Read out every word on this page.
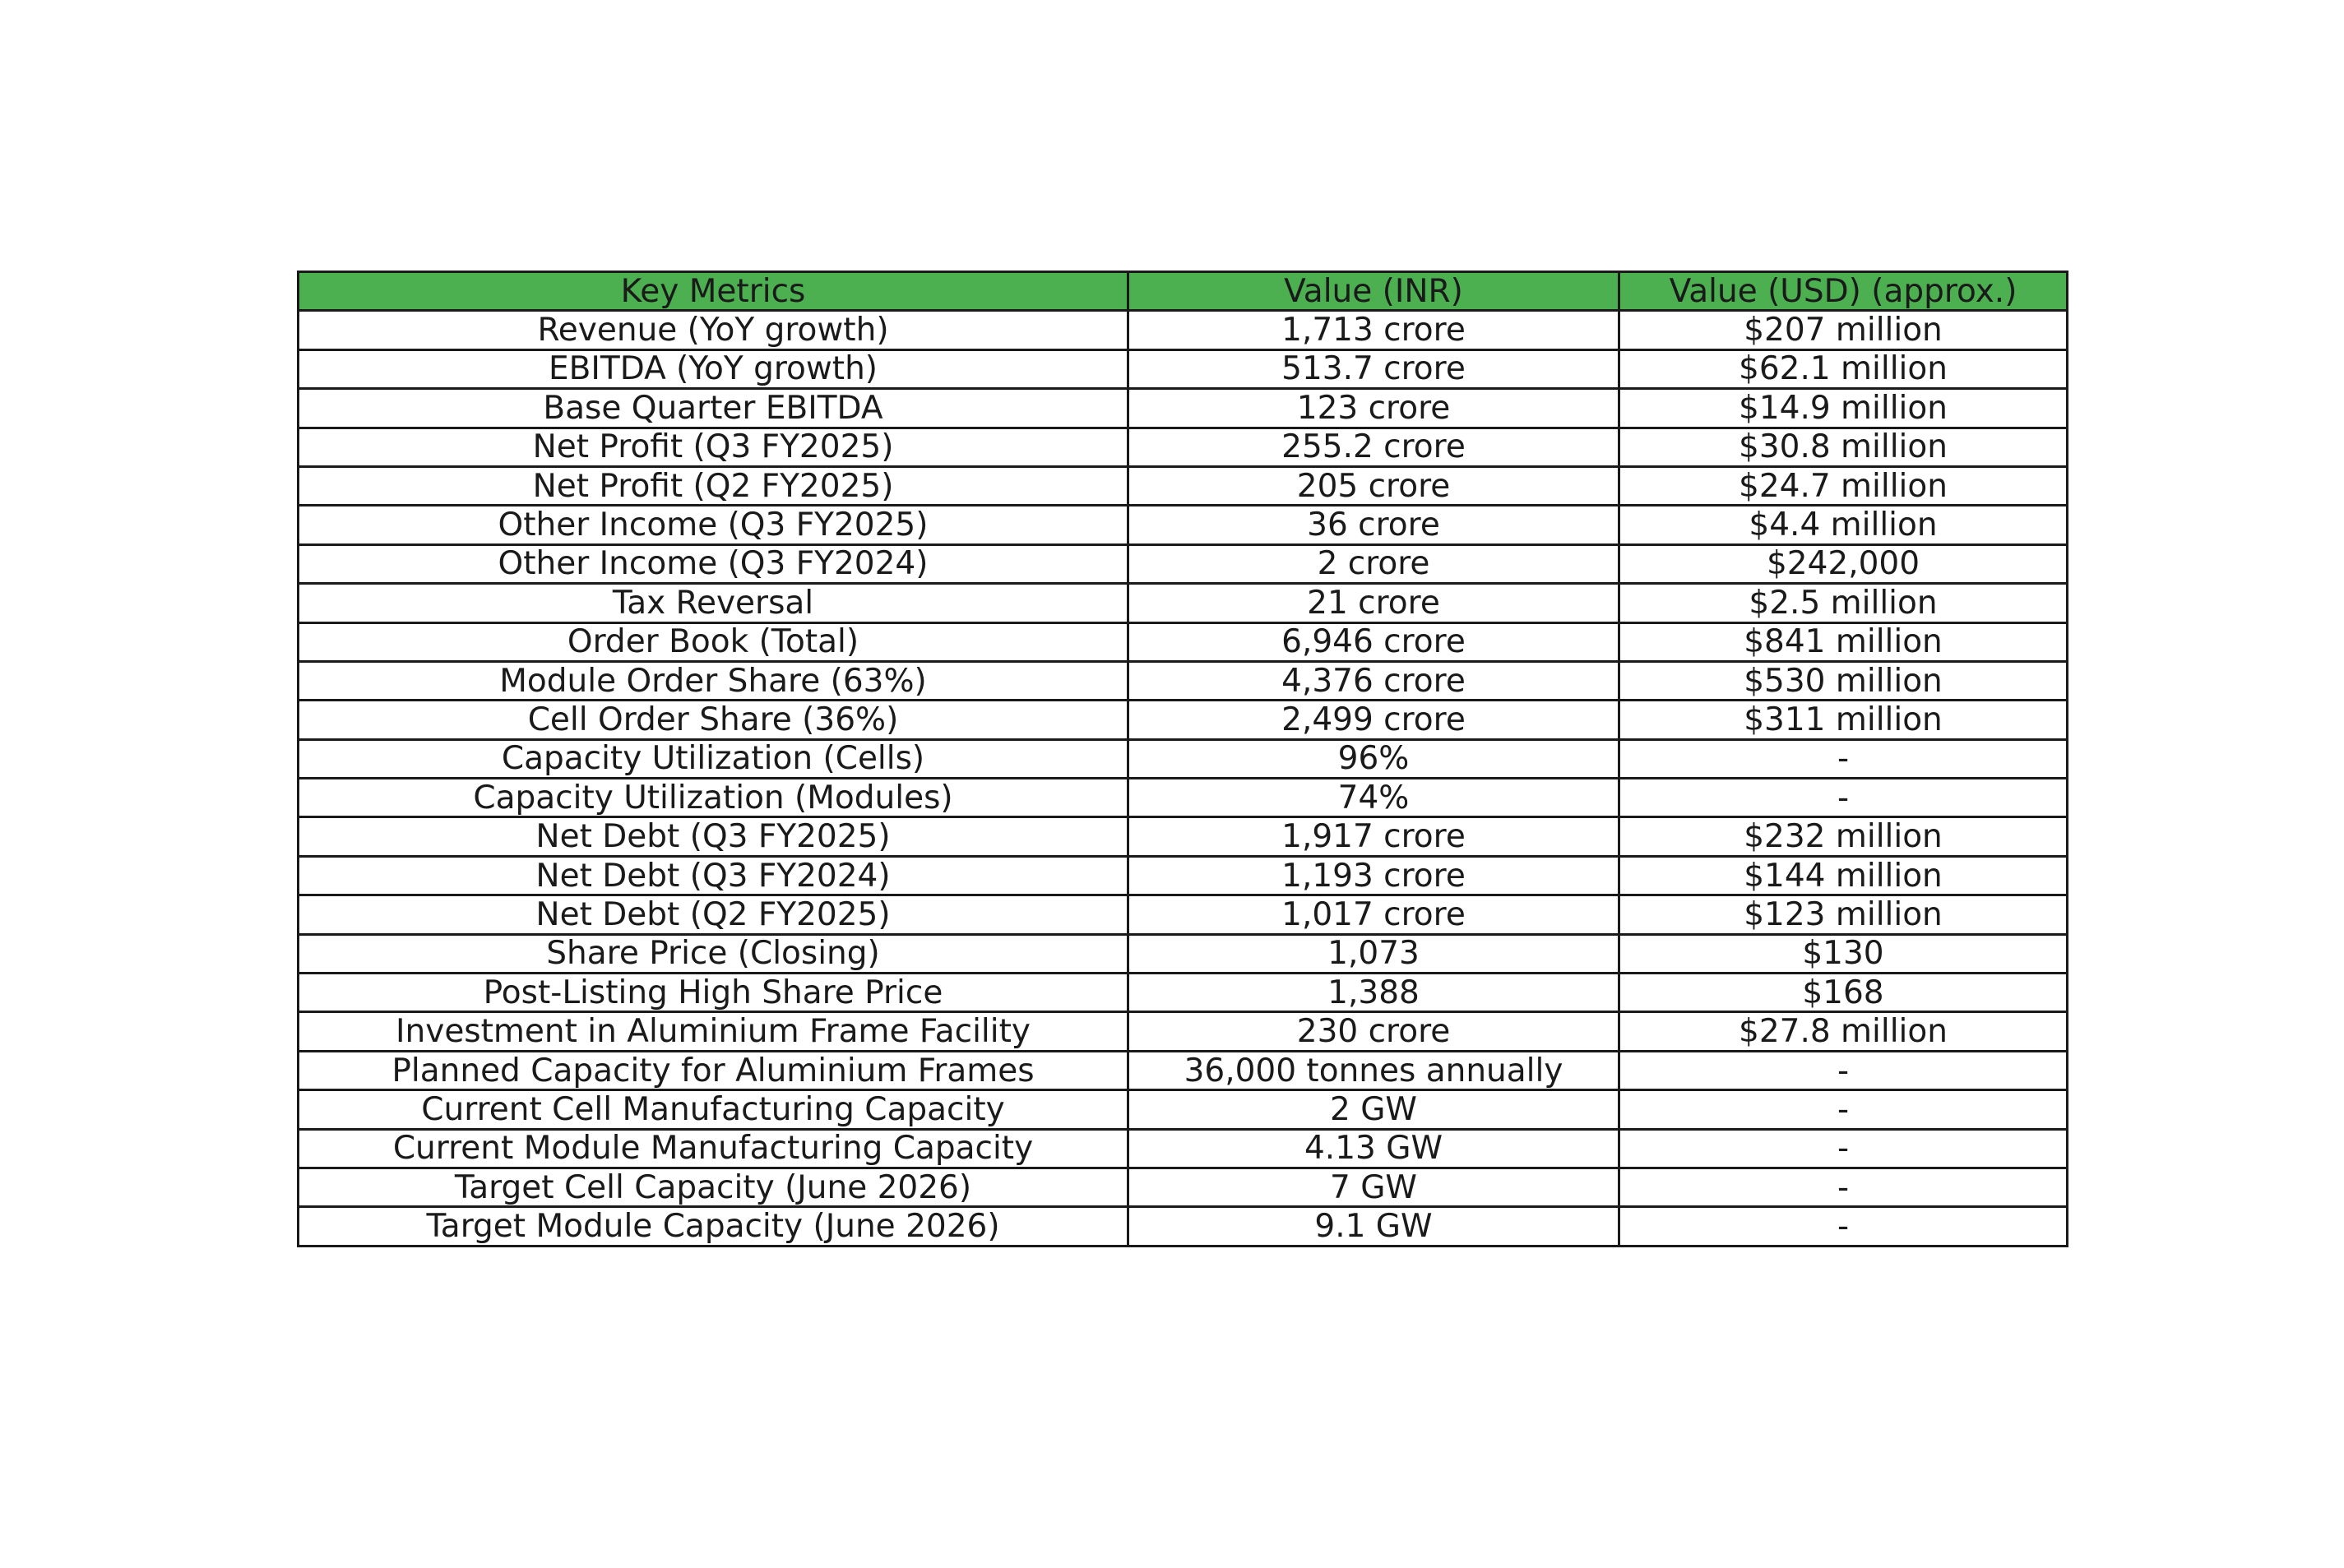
Key Metrics	Value (INR)	Value (USD) (approx.)
Revenue (YoY growth)	1,713 crore	$207 million
EBITDA (YoY growth)	513.7 crore	$62.1 million
Base Quarter EBITDA	123 crore	$14.9 million
Net Profit (Q3 FY2025)	255.2 crore	$30.8 million
Net Profit (Q2 FY2025)	205 crore	$24.7 million
Other Income (Q3 FY2025)	36 crore	$4.4 million
Other Income (Q3 FY2024)	2 crore	$242,000
Tax Reversal	21 crore	$2.5 million
Order Book (Total)	6,946 crore	$841 million
Module Order Share (63%)	4,376 crore	$530 million
Cell Order Share (36%)	2,499 crore	$311 million
Capacity Utilization (Cells)	96%	-
Capacity Utilization (Modules)	74%	-
Net Debt (Q3 FY2025)	1,917 crore	$232 million
Net Debt (Q3 FY2024)	1,193 crore	$144 million
Net Debt (Q2 FY2025)	1,017 crore	$123 million
Share Price (Closing)	1,073	$130
Post-Listing High Share Price	1,388	$168
Investment in Aluminium Frame Facility	230 crore	$27.8 million
Planned Capacity for Aluminium Frames	36,000 tonnes annually	-
Current Cell Manufacturing Capacity	2 GW	-
Current Module Manufacturing Capacity	4.13 GW	-
Target Cell Capacity (June 2026)	7 GW	-
Target Module Capacity (June 2026)	9.1 GW	-
